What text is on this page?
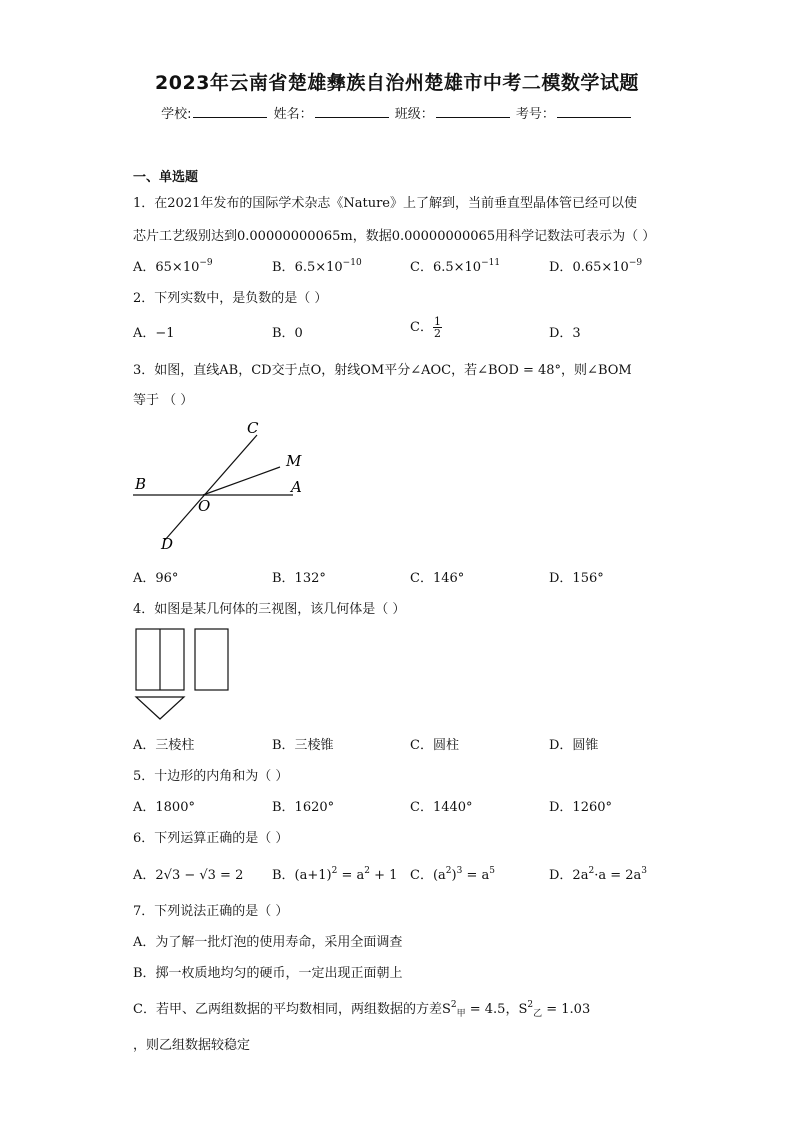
2023年云南省楚雄彝族自治州楚雄市中考二模数学试题
学校:	姓名：	班级：	考号：
一、单选题
1．在2021年发布的国际学术杂志《Nature》上了解到，当前垂直型晶体管已经可以使
芯片工艺级别达到0.00000000065m，数据0.00000000065用科学记数法可表示为（ ）
A．$65\times 10^{-9}$	B．$6.5\times 10^{-10}$	C．$6.5\times 10^{-11}$	D．$0.65\times 10^{-9}$
2．下列实数中，是负数的是（ ）
A．−1	B．0	C． $\frac{1}{2}$	D．3
3．如图，直线AB，CD交于点O，射线OM平分∠AOC，若∠BOD = 48°，则∠BOM
等于 （ ）
C
M
B	A
O
D
A．96°	B．132°	C．146°	D．156°
4．如图是某几何体的三视图，该几何体是（ ）
A．三棱柱	B．三棱锥	C．圆柱	D．圆锥
5．十边形的内角和为（ ）
A．1800°	B．1620°	C．1440°	D．1260°
6．下列运算正确的是（ ）
A．2√3 − √3 = 2 B．$(a+1)^2 = a^2 + 1$ C．$(a^2)^3 = a^5$	D．$2a^2\cdot a = 2a^3$
7．下列说法正确的是（ ）
A．为了解一批灯泡的使用寿命，采用全面调查
B．掷一枚质地均匀的硬币，一定出现正面朝上
C．若甲、乙两组数据的平均数相同，两组数据的方差$S^2_甲 = 4.5$，$S^2_乙 = 1.03$
，则乙组数据较稳定
